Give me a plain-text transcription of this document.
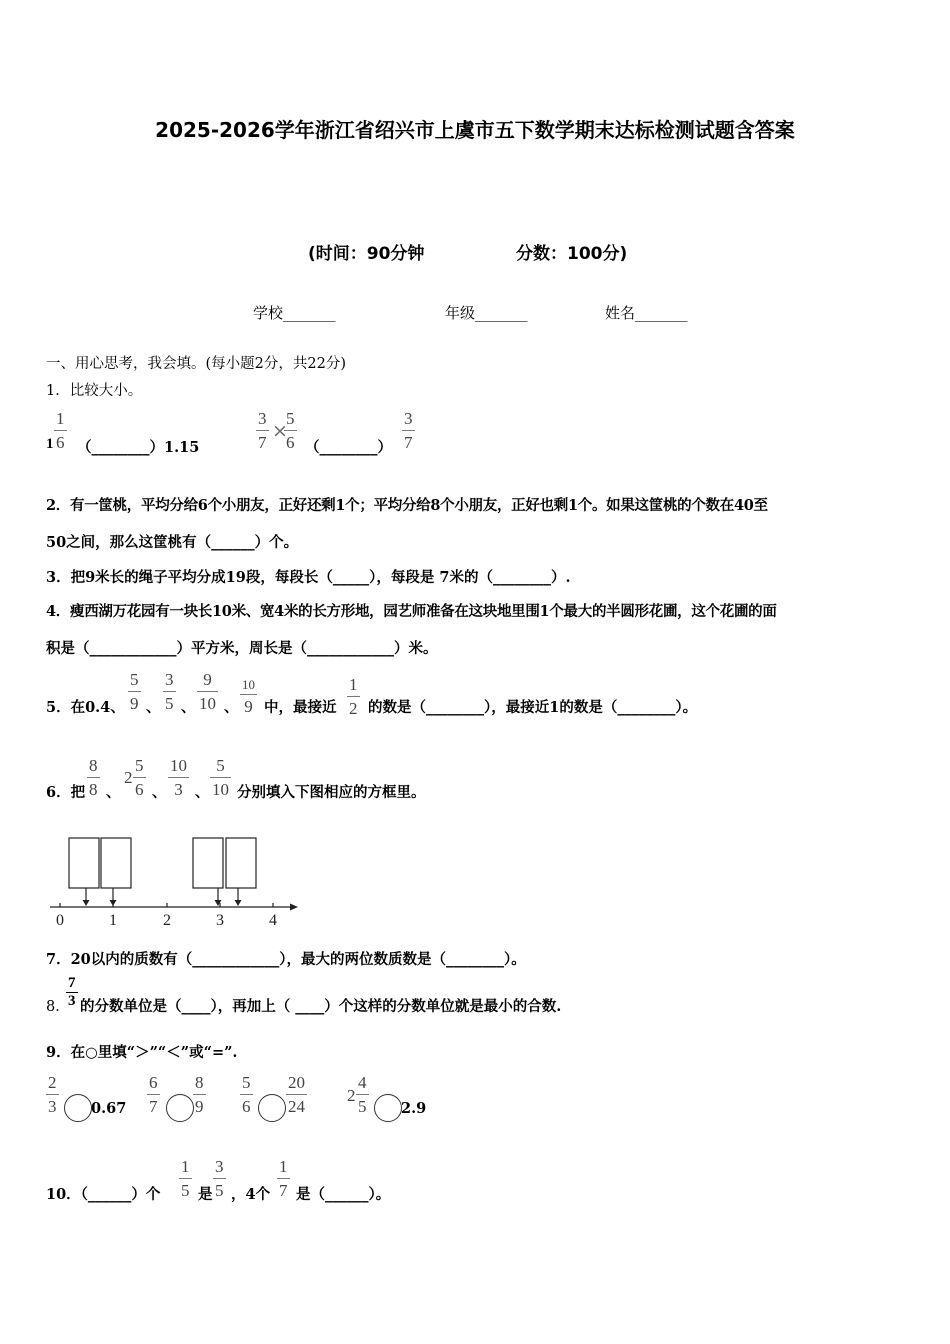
2025-2026学年浙江省绍兴市上虞市五下数学期末达标检测试题含答案
(时间：90分钟	分数：100分)
学校_______	年级_______	姓名_______
一、用心思考，我会填。(每小题2分，共22分)
1．比较大小。
$1 \frac{1}{6}$ （________）1.15	$\frac{3}{7}$ ×
$\frac{5}{6}$ （________） $\frac{3}{7}$
2．有一筐桃，平均分给6个小朋友，正好还剩1个；平均分给8个小朋友，正好也剩1个。如果这筐桃的个数在40至
50之间，那么这筐桃有（______）个。
3．把9米长的绳子平均分成19段，每段长（_____），每段是 7米的（________）.
4．瘦西湖万花园有一块长10米、宽4米的长方形地，园艺师准备在这块地里围1个最大的半圆形花圃，这个花圃的面
积是（____________）平方米，周长是（____________）米。
5．在0.4、 $\frac{5}{9}$ 、 $\frac{3}{5}$ 、 $\frac{9}{10}$ 、
10
9 中，最接近 $\frac{1}{2}$ 的数是（________），最接近1的数是（________）。
6．把 $\frac{8}{8}$ 、
$2 \frac{5}{6}$ 、 $\frac{10}{3}$ 、 $\frac{5}{10}$ 分别填入下图相应的方框里。
0	1	2	3	4
7．20以内的质数有（____________），最大的两位数质数是（________）。
8．
$\frac{7}{3}$ 的分数单位是（____），再加上（ ____）个这样的分数单位就是最小的合数.
9．在○里填“＞”“＜”或“=”.
$\frac{2}{3} 0.67 \frac{6}{7} \frac{8}{9} \frac{5}{6} \frac{20}{24} 2 \frac{4}{5} 2.9$
10．（______）个 $\frac{1}{5}$ 是 $\frac{3}{5}$ ，4个 $\frac{1}{7}$ 是（______）。
